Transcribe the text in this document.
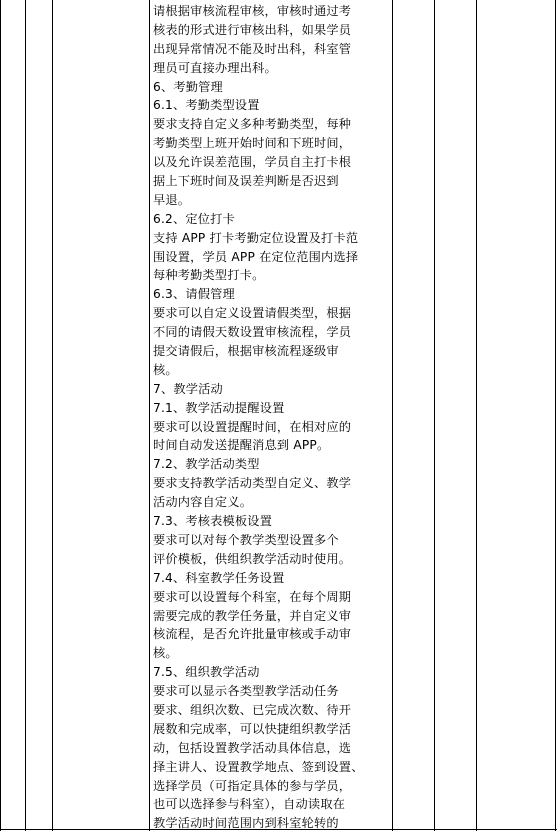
请根据审核流程审核，审核时通过考
核表的形式进行审核出科，如果学员
出现异常情况不能及时出科，科室管
理员可直接办理出科。
6、考勤管理
6.1、考勤类型设置
要求支持自定义多种考勤类型，每种
考勤类型上班开始时间和下班时间，
以及允许误差范围，学员自主打卡根
据上下班时间及误差判断是否迟到
早退。
6.2、定位打卡
支持 APP 打卡考勤定位设置及打卡范
围设置，学员 APP 在定位范围内选择
每种考勤类型打卡。
6.3、请假管理
要求可以自定义设置请假类型，根据
不同的请假天数设置审核流程，学员
提交请假后，根据审核流程逐级审
核。
7、教学活动
7.1、教学活动提醒设置
要求可以设置提醒时间，在相对应的
时间自动发送提醒消息到 APP。
7.2、教学活动类型
要求支持教学活动类型自定义、教学
活动内容自定义。
7.3、考核表模板设置
要求可以对每个教学类型设置多个
评价模板，供组织教学活动时使用。
7.4、科室教学任务设置
要求可以设置每个科室，在每个周期
需要完成的教学任务量，并自定义审
核流程，是否允许批量审核或手动审
核。
7.5、组织教学活动
要求可以显示各类型教学活动任务
要求、组织次数、已完成次数、待开
展数和完成率，可以快捷组织教学活
动，包括设置教学活动具体信息，选
择主讲人、设置教学地点、签到设置、
选择学员（可指定具体的参与学员，
也可以选择参与科室），自动读取在
教学活动时间范围内到科室轮转的
